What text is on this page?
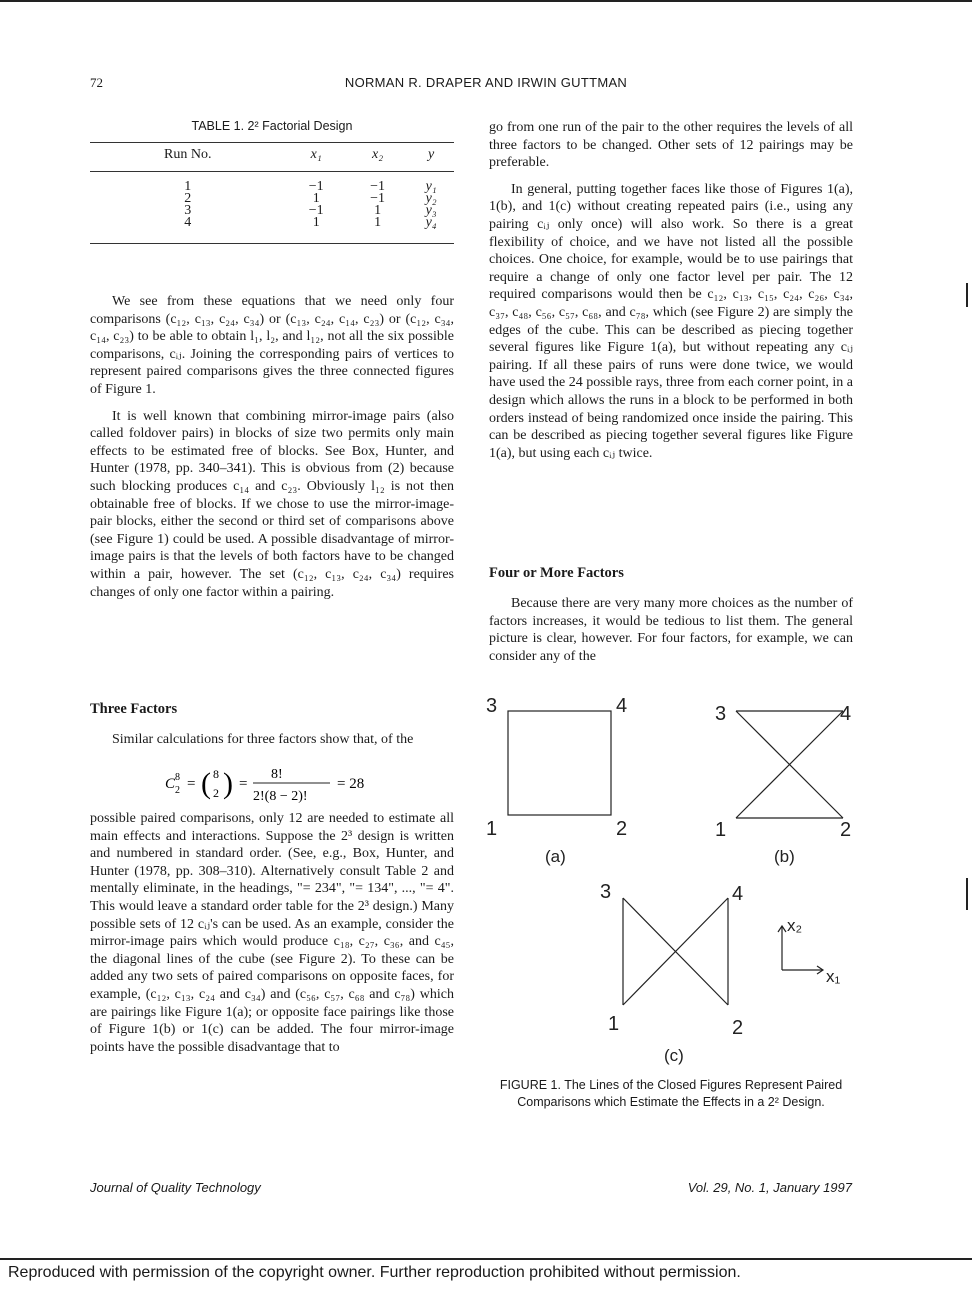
72	NORMAN R. DRAPER AND IRWIN GUTTMAN
TABLE 1. 2² Factorial Design
Run No.	x₁	x₂	y
1	−1	−1	y₁
2	1	−1	y₂
3	−1	1	y₃
4	1	1	y₄

We see from these equations that we need only four comparisons (c₁₂, c₁₃, c₂₄, c₃₄) or (c₁₃, c₂₄, c₁₄, c₂₃) or (c₁₂, c₃₄, c₁₄, c₂₃) to be able to obtain l₁, l₂, and l₁₂, not all the six possible comparisons, cᵢⱼ. Joining the corresponding pairs of vertices to represent paired comparisons gives the three connected figures of Figure 1.

It is well known that combining mirror-image pairs (also called foldover pairs) in blocks of size two permits only main effects to be estimated free of blocks. See Box, Hunter, and Hunter (1978, pp. 340–341). This is obvious from (2) because such blocking produces c₁₄ and c₂₃. Obviously l₁₂ is not then obtainable free of blocks. If we chose to use the mirror-image-pair blocks, either the second or third set of comparisons above (see Figure 1) could be used. A possible disadvantage of mirror-image pairs is that the levels of both factors have to be changed within a pair, however. The set (c₁₂, c₁₃, c₂₄, c₃₄) requires changes of only one factor within a pairing.

Three Factors

Similar calculations for three factors show that, of the

C 8
2 = ( 8
2 ) =
8!
2!(8 − 2)!
= 28

possible paired comparisons, only 12 are needed to estimate all main effects and interactions. Suppose the 2³ design is written and numbered in standard order. (See, e.g., Box, Hunter, and Hunter (1978, pp. 308–310). Alternatively consult Table 2 and mentally eliminate, in the headings, "= 234", "= 134", ..., "= 4". This would leave a standard order table for the 2³ design.) Many possible sets of 12 cᵢⱼ's can be used. As an example, consider the mirror-image pairs which would produce c₁₈, c₂₇, c₃₆, and c₄₅, the diagonal lines of the cube (see Figure 2). To these can be added any two sets of paired comparisons on opposite faces, for example, (c₁₂, c₁₃, c₂₄ and c₃₄) and (c₅₆, c₅₇, c₆₈ and c₇₈) which are pairings like Figure 1(a); or opposite face pairings like those of Figure 1(b) or 1(c) can be added. The four mirror-image points have the possible disadvantage that to

go from one run of the pair to the other requires the levels of all three factors to be changed. Other sets of 12 pairings may be preferable.

In general, putting together faces like those of Figures 1(a), 1(b), and 1(c) without creating repeated pairs (i.e., using any pairing cᵢⱼ only once) will also work. So there is a great flexibility of choice, and we have not listed all the possible choices. One choice, for example, would be to use pairings that require a change of only one factor level per pair. The 12 required comparisons would then be c₁₂, c₁₃, c₁₅, c₂₄, c₂₆, c₃₄, c₃₇, c₄₈, c₅₆, c₅₇, c₆₈, and c₇₈, which (see Figure 2) are simply the edges of the cube. This can be described as piecing together several figures like Figure 1(a), but without repeating any cᵢⱼ pairing. If all these pairs of runs were done twice, we would have used the 24 possible rays, three from each corner point, in a design which allows the runs in a block to be performed in both orders instead of being randomized once inside the pairing. This can be described as piecing together several figures like Figure 1(a), but using each cᵢⱼ twice.

Four or More Factors

Because there are very many more choices as the number of factors increases, it would be tedious to list them. The general picture is clear, however. For four factors, for example, we can consider any of the

3	4
1	2
(a)
3	4
1	2
(b)
3	4
1	2
(c)
x₂
x₁
FIGURE 1. The Lines of the Closed Figures Represent Paired Comparisons which Estimate the Effects in a 2² Design.
Journal of Quality Technology	Vol. 29, No. 1, January 1997
Reproduced with permission of the copyright owner. Further reproduction prohibited without permission.
